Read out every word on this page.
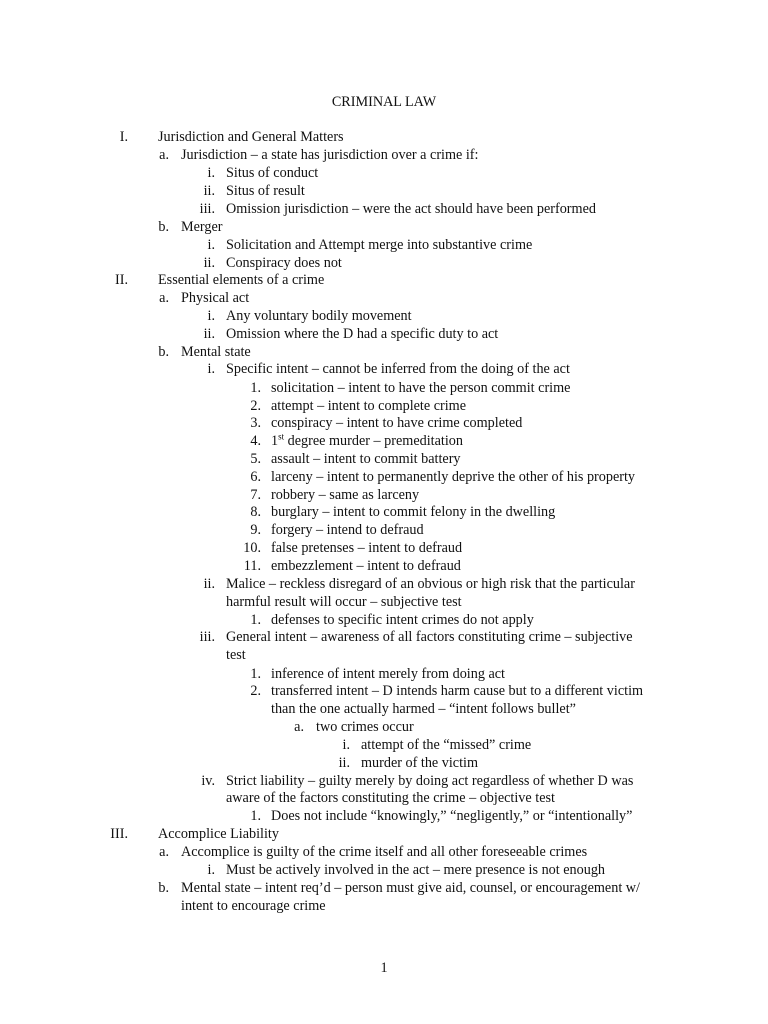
CRIMINAL LAW
I. Jurisdiction and General Matters
a. Jurisdiction – a state has jurisdiction over a crime if:
i. Situs of conduct
ii. Situs of result
iii. Omission jurisdiction – were the act should have been performed
b. Merger
i. Solicitation and Attempt merge into substantive crime
ii. Conspiracy does not
II. Essential elements of a crime
a. Physical act
i. Any voluntary bodily movement
ii. Omission where the D had a specific duty to act
b. Mental state
i. Specific intent – cannot be inferred from the doing of the act
1. solicitation – intent to have the person commit crime
2. attempt – intent to complete crime
3. conspiracy – intent to have crime completed
4. 1st degree murder – premeditation
5. assault – intent to commit battery
6. larceny – intent to permanently deprive the other of his property
7. robbery – same as larceny
8. burglary – intent to commit felony in the dwelling
9. forgery – intend to defraud
10. false pretenses – intent to defraud
11. embezzlement – intent to defraud
ii. Malice – reckless disregard of an obvious or high risk that the particular
harmful result will occur – subjective test
1. defenses to specific intent crimes do not apply
iii. General intent – awareness of all factors constituting crime – subjective
test
1. inference of intent merely from doing act
2. transferred intent – D intends harm cause but to a different victim
than the one actually harmed – “intent follows bullet”
a. two crimes occur
i. attempt of the “missed” crime
ii. murder of the victim
iv. Strict liability – guilty merely by doing act regardless of whether D was
aware of the factors constituting the crime – objective test
1. Does not include “knowingly,” “negligently,” or “intentionally”
III. Accomplice Liability
a. Accomplice is guilty of the crime itself and all other foreseeable crimes
i. Must be actively involved in the act – mere presence is not enough
b. Mental state – intent req’d – person must give aid, counsel, or encouragement w/
intent to encourage crime
1
